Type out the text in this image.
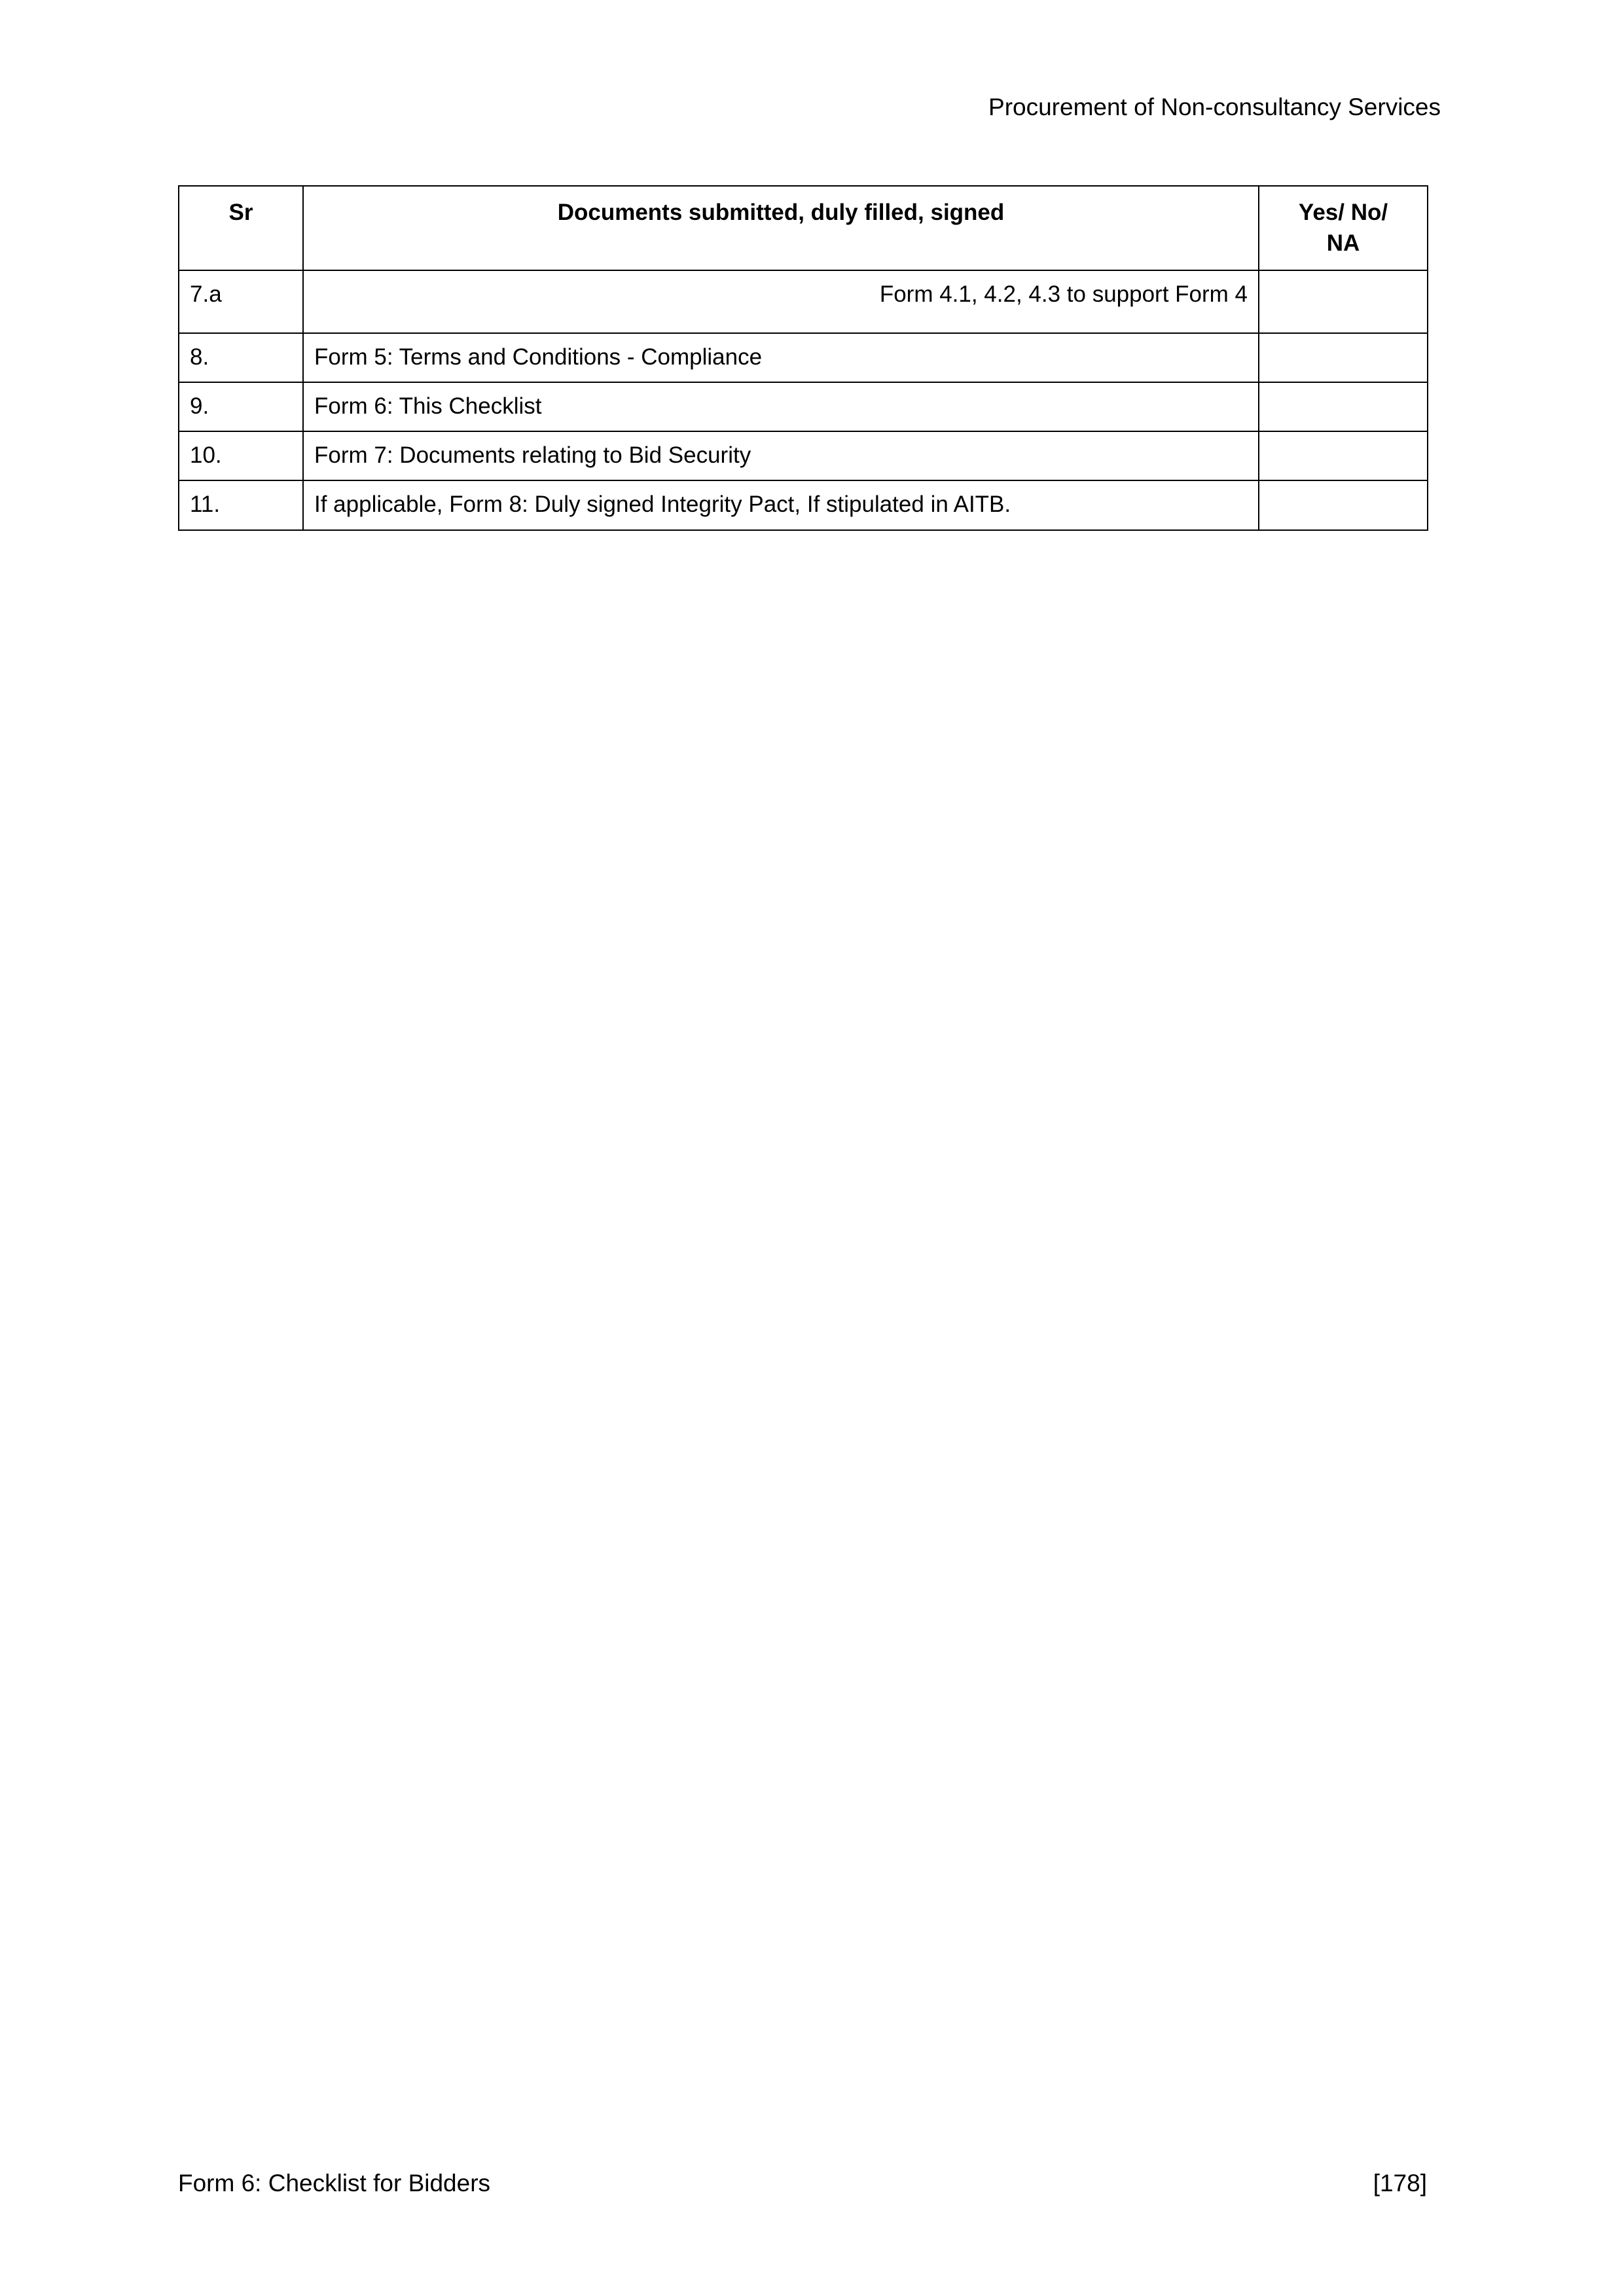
Procurement of Non-consultancy Services
Sr	Documents submitted, duly filled, signed	Yes/ No/
NA
7.a	Form 4.1, 4.2, 4.3 to support Form 4	
8.	Form 5: Terms and Conditions - Compliance	
9.	Form 6: This Checklist	
10.	Form 7: Documents relating to Bid Security	
11.	If applicable, Form 8: Duly signed Integrity Pact, If stipulated in AITB.	
Form 6: Checklist for Bidders	[178]
